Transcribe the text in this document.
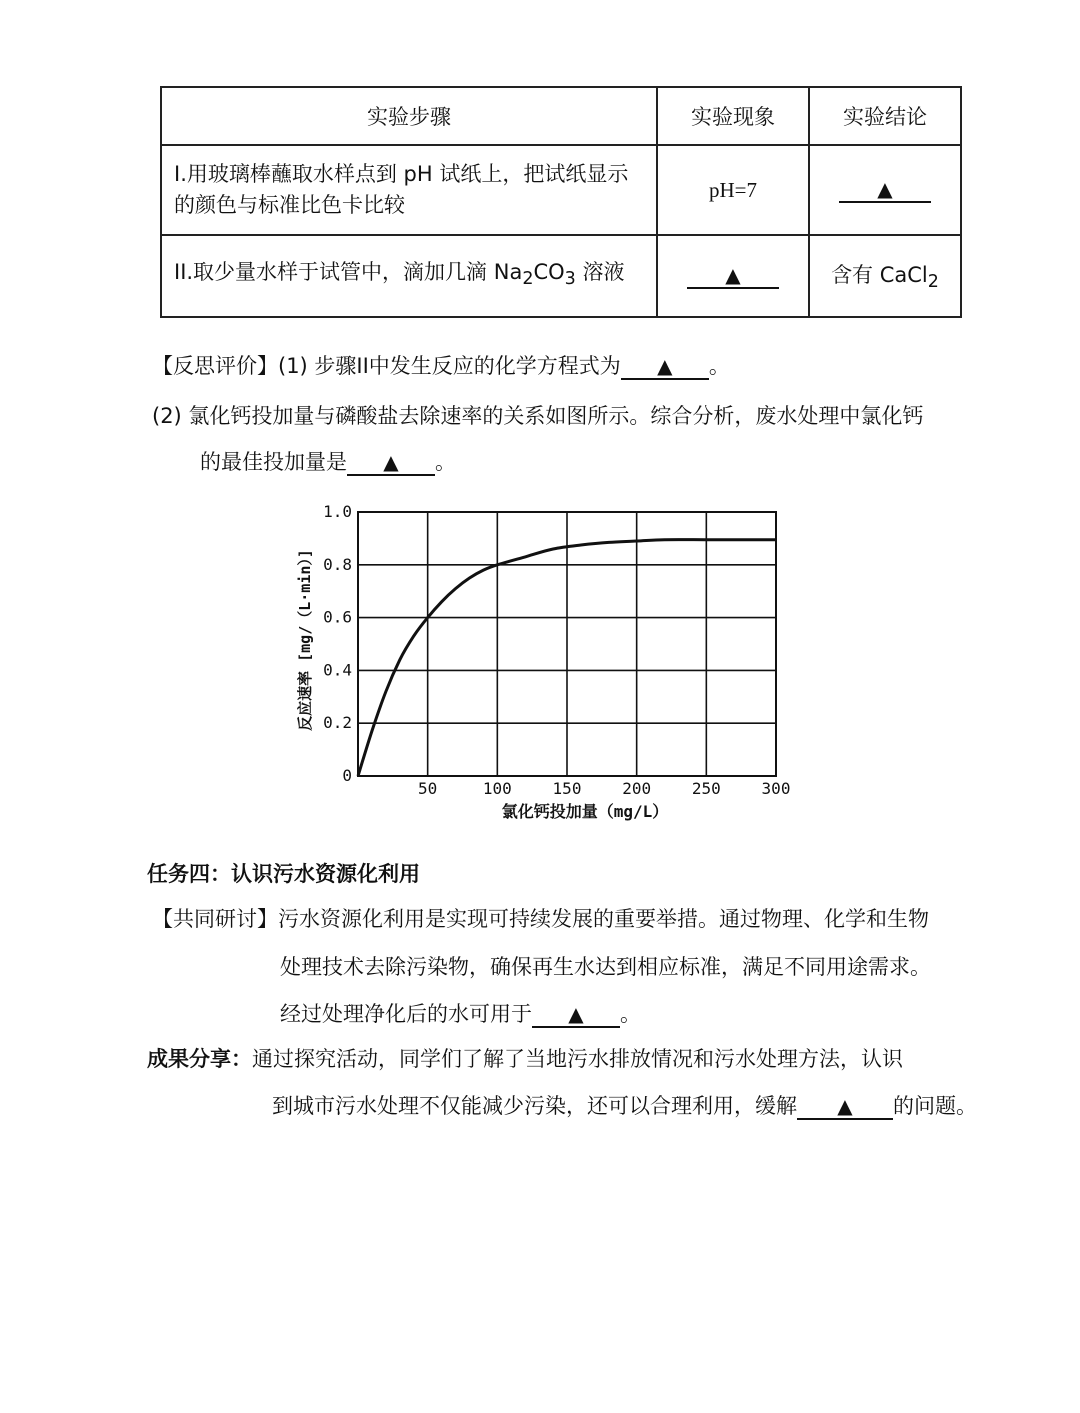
实验步骤	实验现象	实验结论
I.用玻璃棒蘸取水样点到 pH 试纸上，把试纸显示
的颜色与标准比色卡比较	pH=7	▲
II.取少量水样于试管中，滴加几滴 $Na_2CO_3$ 溶液	▲	含有 CaCl$_2$
【反思评价】(1) 步骤II中发生反应的化学方程式为 ▲ 。
(2) 氯化钙投加量与磷酸盐去除速率的关系如图所示。综合分析，废水处理中氯化钙
的最佳投加量是 ▲ 。
50	100	150	200	250	300
0
0.2
0.4
0.6
0.8
1.0
氯化钙投加量（mg/L）
反应速率 [mg/（L·min）]
任务四：认识污水资源化利用
【共同研讨】污水资源化利用是实现可持续发展的重要举措。通过物理、化学和生物
处理技术去除污染物，确保再生水达到相应标准，满足不同用途需求。
经过处理净化后的水可用于 ▲ 。
成果分享：通过探究活动，同学们了解了当地污水排放情况和污水处理方法，认识
到城市污水处理不仅能减少污染，还可以合理利用，缓解 ▲ 的问题。
